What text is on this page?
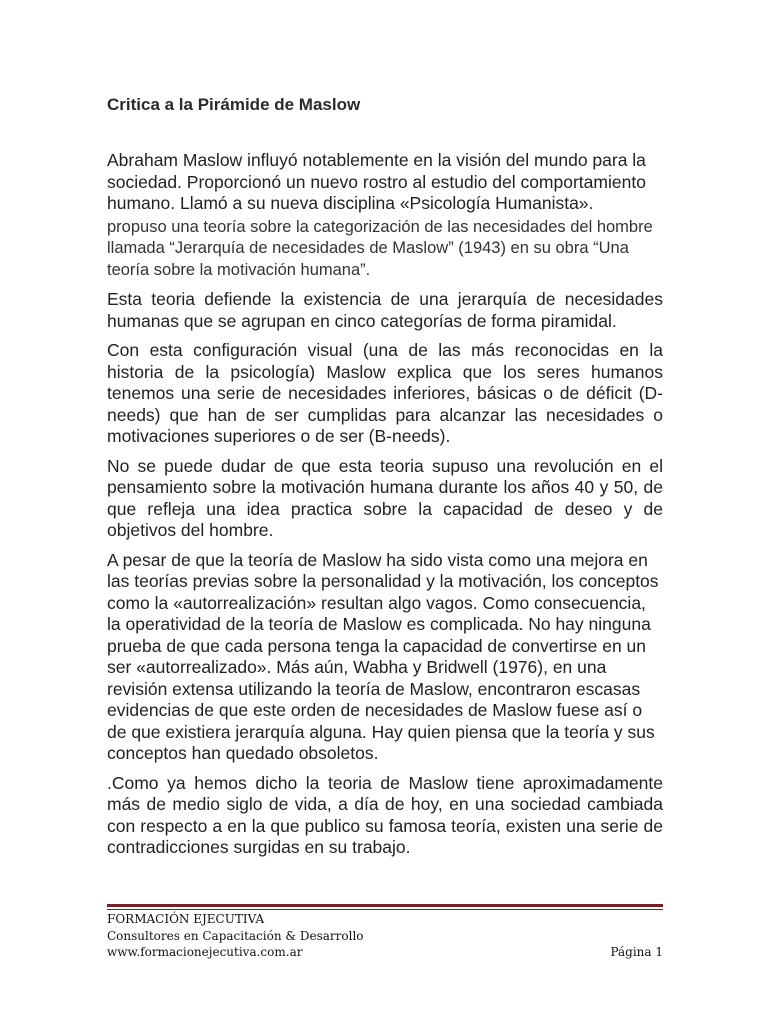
Critica a la Pirámide de Maslow

Abraham Maslow influyó notablemente en la visión del mundo para la sociedad. Proporcionó un nuevo rostro al estudio del comportamiento humano. Llamó a su nueva disciplina «Psicología Humanista».

propuso una teoría sobre la categorización de las necesidades del hombre llamada “Jerarquía de necesidades de Maslow” (1943) en su obra “Una teoría sobre la motivación humana”.

Esta teoria defiende la existencia de una jerarquía de necesidades humanas que se agrupan en cinco categorías de forma piramidal.

Con esta configuración visual (una de las más reconocidas en la historia de la psicología) Maslow explica que los seres humanos tenemos una serie de necesidades inferiores, básicas o de déficit (D-needs) que han de ser cumplidas para alcanzar las necesidades o motivaciones superiores o de ser (B-needs).

No se puede dudar de que esta teoria supuso una revolución en el pensamiento sobre la motivación humana durante los años 40 y 50, de que refleja una idea practica sobre la capacidad de deseo y de objetivos del hombre.

A pesar de que la teoría de Maslow ha sido vista como una mejora en las teorías previas sobre la personalidad y la motivación, los conceptos como la «autorrealización» resultan algo vagos. Como consecuencia, la operatividad de la teoría de Maslow es complicada. No hay ninguna prueba de que cada persona tenga la capacidad de convertirse en un ser «autorrealizado». Más aún, Wabha y Bridwell (1976), en una revisión extensa utilizando la teoría de Maslow, encontraron escasas evidencias de que este orden de necesidades de Maslow fuese así o de que existiera jerarquía alguna. Hay quien piensa que la teoría y sus conceptos han quedado obsoletos.

.Como ya hemos dicho la teoria de Maslow tiene aproximadamente más de medio siglo de vida, a día de hoy, en una sociedad cambiada con respecto a en la que publico su famosa teoría, existen una serie de contradicciones surgidas en su trabajo.

FORMACIÓN EJECUTIVA
Consultores en Capacitación & Desarrollo
www.formacionejecutiva.com.ar	Página 1
